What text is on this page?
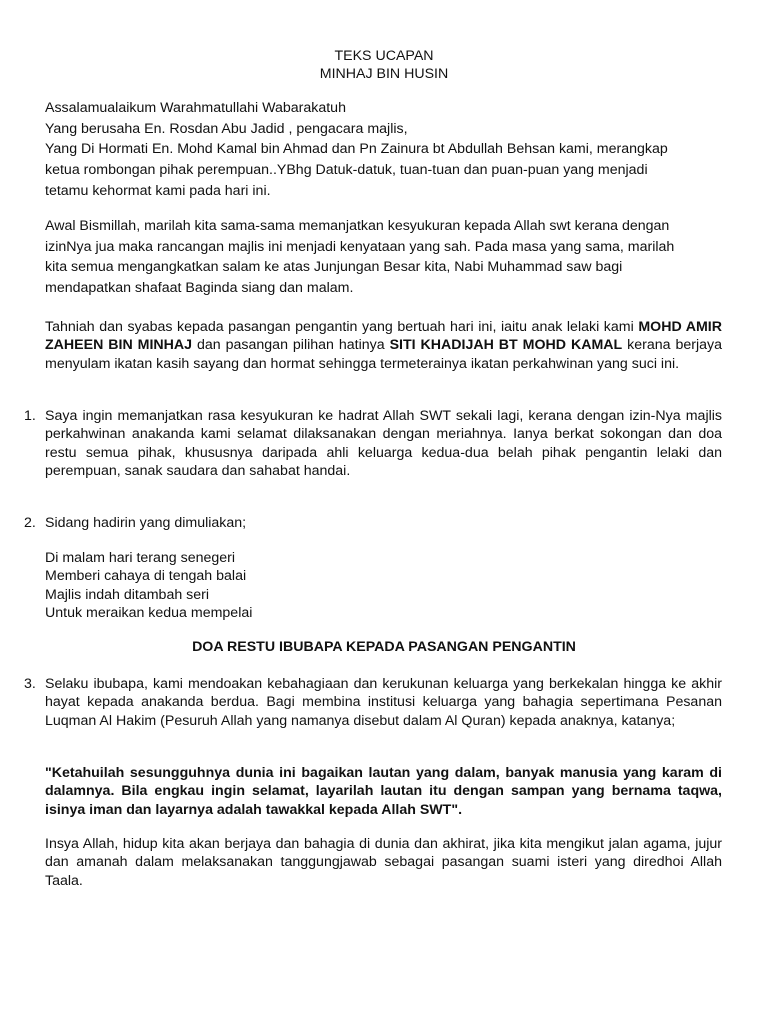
TEKS UCAPAN
MINHAJ BIN HUSIN
Assalamualaikum Warahmatullahi Wabarakatuh
Yang berusaha En. Rosdan Abu Jadid , pengacara majlis,
Yang Di Hormati En. Mohd Kamal bin Ahmad dan Pn Zainura bt Abdullah Behsan kami, merangkap
ketua rombongan pihak perempuan..YBhg Datuk-datuk, tuan-tuan dan puan-puan yang menjadi
tetamu kehormat kami pada hari ini.
Awal Bismillah, marilah kita sama-sama memanjatkan kesyukuran kepada Allah swt kerana dengan
izinNya jua maka rancangan majlis ini menjadi kenyataan yang sah. Pada masa yang sama, marilah
kita semua mengangkatkan salam ke atas Junjungan Besar kita, Nabi Muhammad saw bagi
mendapatkan shafaat Baginda siang dan malam.
Tahniah dan syabas kepada pasangan pengantin yang bertuah hari ini, iaitu anak lelaki kami MOHD AMIR ZAHEEN BIN MINHAJ dan pasangan pilihan hatinya SITI KHADIJAH BT MOHD KAMAL kerana berjaya menyulam ikatan kasih sayang dan hormat sehingga termeterainya ikatan perkahwinan yang suci ini.
1. Saya ingin memanjatkan rasa kesyukuran ke hadrat Allah SWT sekali lagi, kerana dengan izin-Nya majlis perkahwinan anakanda kami selamat dilaksanakan dengan meriahnya. Ianya berkat sokongan dan doa restu semua pihak, khususnya daripada ahli keluarga kedua-dua belah pihak pengantin lelaki dan perempuan, sanak saudara dan sahabat handai.
2. Sidang hadirin yang dimuliakan;
Di malam hari terang senegeri
Memberi cahaya di tengah balai
Majlis indah ditambah seri
Untuk meraikan kedua mempelai
DOA RESTU IBUBAPA KEPADA PASANGAN PENGANTIN
3. Selaku ibubapa, kami mendoakan kebahagiaan dan kerukunan keluarga yang berkekalan hingga ke akhir hayat kepada anakanda berdua. Bagi membina institusi keluarga yang bahagia sepertimana Pesanan Luqman Al Hakim (Pesuruh Allah yang namanya disebut dalam Al Quran) kepada anaknya, katanya;
"Ketahuilah sesungguhnya dunia ini bagaikan lautan yang dalam, banyak manusia yang karam di dalamnya. Bila engkau ingin selamat, layarilah lautan itu dengan sampan yang bernama taqwa, isinya iman dan layarnya adalah tawakkal kepada Allah SWT".
Insya Allah, hidup kita akan berjaya dan bahagia di dunia dan akhirat, jika kita mengikut jalan agama, jujur dan amanah dalam melaksanakan tanggungjawab sebagai pasangan suami isteri yang diredhoi Allah Taala.
